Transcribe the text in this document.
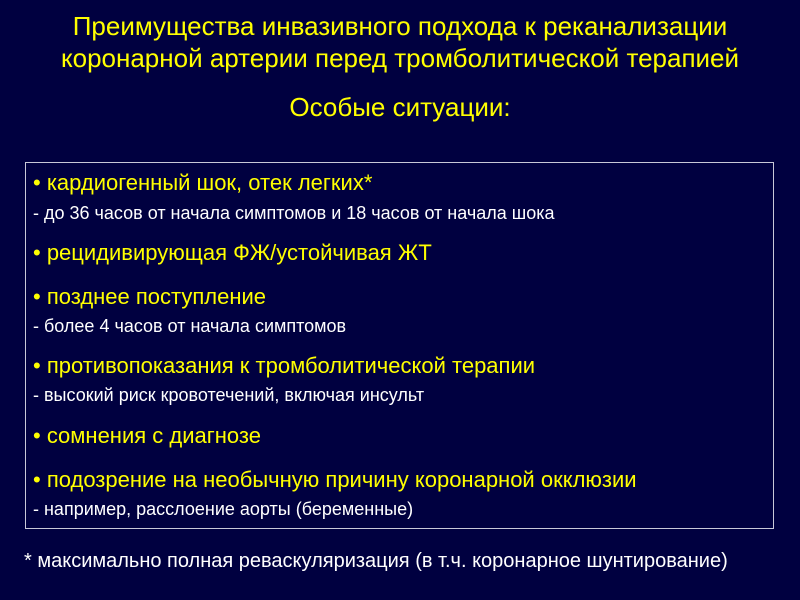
Преимущества инвазивного подхода к реканализации
коронарной артерии перед тромболитической терапией
Особые ситуации:
• кардиогенный шок, отек легких*
- до 36 часов от начала симптомов и 18 часов от начала шока
• рецидивирующая ФЖ/устойчивая ЖТ
• позднее поступление
- более 4 часов от начала симптомов
• противопоказания к тромболитической терапии
- высокий риск кровотечений, включая инсульт
• сомнения с диагнозе
• подозрение на необычную причину коронарной окклюзии
- например, расслоение аорты (беременные)
* максимально полная реваскуляризация (в т.ч. коронарное шунтирование)
